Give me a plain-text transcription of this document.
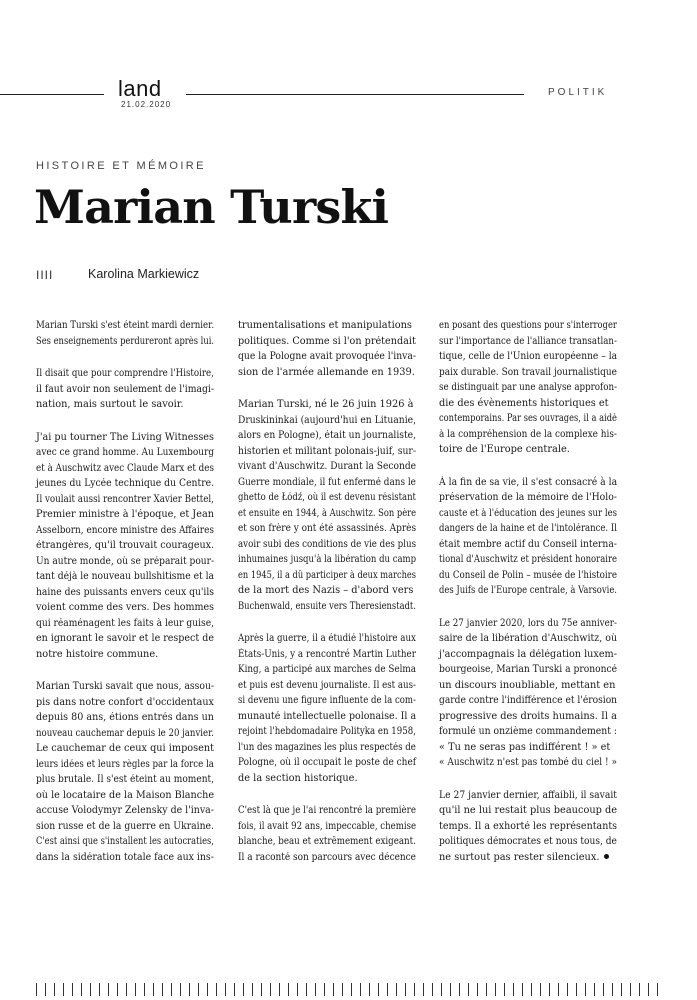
land
21.02.2020
POLITIK
HISTOIRE ET MÉMOIRE
Marian Turski
IIII	Karolina Markiewicz
Marian Turski s'est éteint mardi dernier.
Ses enseignements perdureront après lui.
Il disait que pour comprendre l'Histoire,
il faut avoir non seulement de l'imagi-
nation, mais surtout le savoir.
J'ai pu tourner The Living Witnesses
avec ce grand homme. Au Luxembourg
et à Auschwitz avec Claude Marx et des
jeunes du Lycée technique du Centre.
Il voulait aussi rencontrer Xavier Bettel,
Premier ministre à l'époque, et Jean
Asselborn, encore ministre des Affaires
étrangères, qu'il trouvait courageux.
Un autre monde, où se préparait pour-
tant déjà le nouveau bullshitisme et la
haine des puissants envers ceux qu'ils
voient comme des vers. Des hommes
qui réaménagent les faits à leur guise,
en ignorant le savoir et le respect de
notre histoire commune.
Marian Turski savait que nous, assou-
pis dans notre confort d'occidentaux
depuis 80 ans, étions entrés dans un
nouveau cauchemar depuis le 20 janvier.
Le cauchemar de ceux qui imposent
leurs idées et leurs règles par la force la
plus brutale. Il s'est éteint au moment,
où le locataire de la Maison Blanche
accuse Volodymyr Zelensky de l'inva-
sion russe et de la guerre en Ukraine.
C'est ainsi que s'installent les autocraties,
dans la sidération totale face aux ins-
trumentalisations et manipulations
politiques. Comme si l'on prétendait
que la Pologne avait provoquée l'inva-
sion de l'armée allemande en 1939.
Marian Turski, né le 26 juin 1926 à
Druskininkai (aujourd'hui en Lituanie,
alors en Pologne), était un journaliste,
historien et militant polonais-juif, sur-
vivant d'Auschwitz. Durant la Seconde
Guerre mondiale, il fut enfermé dans le
ghetto de Łódź, où il est devenu résistant
et ensuite en 1944, à Auschwitz. Son père
et son frère y ont été assassinés. Après
avoir subi des conditions de vie des plus
inhumaines jusqu'à la libération du camp
en 1945, il a dû participer à deux marches
de la mort des Nazis – d'abord vers
Buchenwald, ensuite vers Theresienstadt.
Après la guerre, il a étudié l'histoire aux
États-Unis, y a rencontré Martin Luther
King, a participé aux marches de Selma
et puis est devenu journaliste. Il est aus-
si devenu une figure influente de la com-
munauté intellectuelle polonaise. Il a
rejoint l'hebdomadaire Polityka en 1958,
l'un des magazines les plus respectés de
Pologne, où il occupait le poste de chef
de la section historique.
C'est là que je l'ai rencontré la première
fois, il avait 92 ans, impeccable, chemise
blanche, beau et extrêmement exigeant.
Il a raconté son parcours avec décence
en posant des questions pour s'interroger
sur l'importance de l'alliance transatlan-
tique, celle de l'Union européenne – la
paix durable. Son travail journalistique
se distinguait par une analyse approfon-
die des évènements historiques et
contemporains. Par ses ouvrages, il a aidé
à la compréhension de la complexe his-
toire de l'Europe centrale.
À la fin de sa vie, il s'est consacré à la
préservation de la mémoire de l'Holo-
causte et à l'éducation des jeunes sur les
dangers de la haine et de l'intolérance. Il
était membre actif du Conseil interna-
tional d'Auschwitz et président honoraire
du Conseil de Polin – musée de l'histoire
des Juifs de l'Europe centrale, à Varsovie.
Le 27 janvier 2020, lors du 75e anniver-
saire de la libération d'Auschwitz, où
j'accompagnais la délégation luxem-
bourgeoise, Marian Turski a prononcé
un discours inoubliable, mettant en
garde contre l'indifférence et l'érosion
progressive des droits humains. Il a
formulé un onzième commandement :
« Tu ne seras pas indifférent ! » et
« Auschwitz n'est pas tombé du ciel ! »
Le 27 janvier dernier, affaibli, il savait
qu'il ne lui restait plus beaucoup de
temps. Il a exhorté les représentants
politiques démocrates et nous tous, de
ne surtout pas rester silencieux.
